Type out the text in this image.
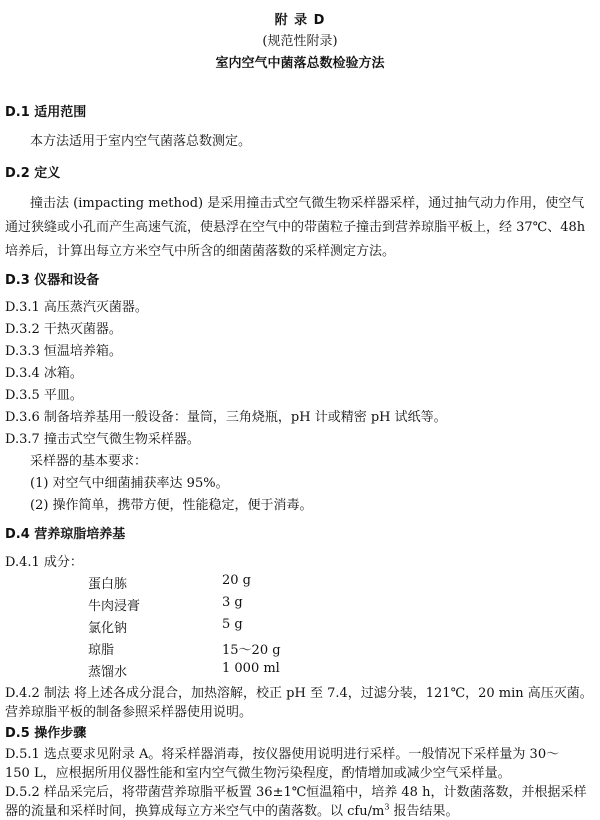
附 录 D
(规范性附录)
室内空气中菌落总数检验方法
D.1 适用范围
本方法适用于室内空气菌落总数测定。
D.2 定义
撞击法 (impacting method) 是采用撞击式空气微生物采样器采样，通过抽气动力作用，使空气
通过狭缝或小孔而产生高速气流，使悬浮在空气中的带菌粒子撞击到营养琼脂平板上，经 37℃、48h
培养后，计算出每立方米空气中所含的细菌菌落数的采样测定方法。
D.3 仪器和设备
D.3.1 高压蒸汽灭菌器。
D.3.2 干热灭菌器。
D.3.3 恒温培养箱。
D.3.4 冰箱。
D.3.5 平皿。
D.3.6 制备培养基用一般设备：量筒，三角烧瓶，pH 计或精密 pH 试纸等。
D.3.7 撞击式空气微生物采样器。
采样器的基本要求：
(1) 对空气中细菌捕获率达 95%。
(2) 操作简单，携带方便，性能稳定，便于消毒。
D.4 营养琼脂培养基
D.4.1 成分：
蛋白胨	20 g
牛肉浸膏	3 g
氯化钠	5 g
琼脂	15～20 g
蒸馏水	1 000 ml
D.4.2 制法 将上述各成分混合，加热溶解，校正 pH 至 7.4，过滤分装，121℃，20 min 高压灭菌。
营养琼脂平板的制备参照采样器使用说明。
D.5 操作步骤
D.5.1 选点要求见附录 A。将采样器消毒，按仪器使用说明进行采样。一般情况下采样量为 30～
150 L，应根据所用仪器性能和室内空气微生物污染程度，酌情增加或减少空气采样量。
D.5.2 样品采完后，将带菌营养琼脂平板置 36±1℃恒温箱中，培养 48 h，计数菌落数，并根据采样
器的流量和采样时间，换算成每立方米空气中的菌落数。以 cfu/$m^3$ 报告结果。
